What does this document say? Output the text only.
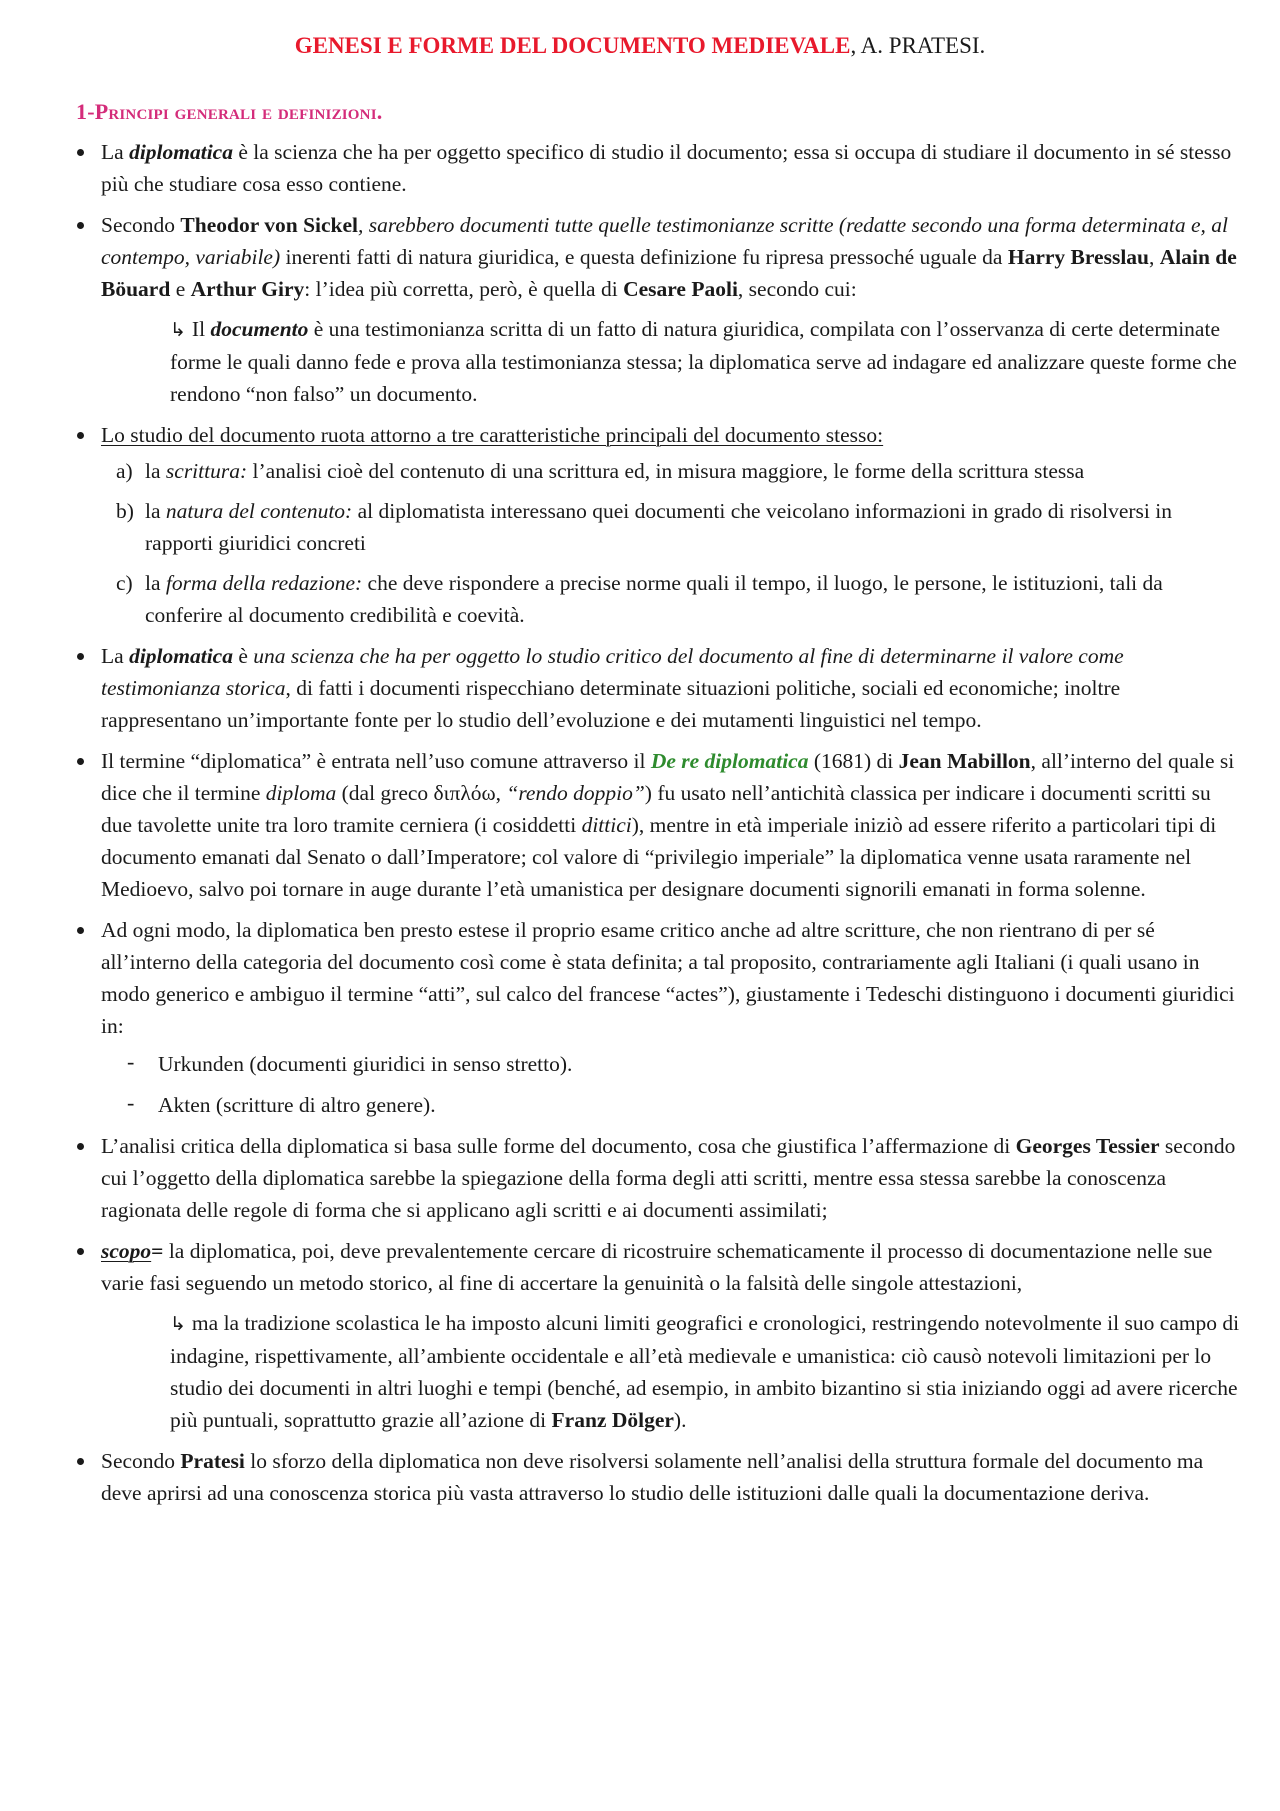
GENESI E FORME DEL DOCUMENTO MEDIEVALE, A. PRATESI.
1-Principi generali e definizioni.
La diplomatica è la scienza che ha per oggetto specifico di studio il documento; essa si occupa di studiare il documento in sé stesso più che studiare cosa esso contiene.
Secondo Theodor von Sickel, sarebbero documenti tutte quelle testimonianze scritte (redatte secondo una forma determinata e, al contempo, variabile) inerenti fatti di natura giuridica, e questa definizione fu ripresa pressoché uguale da Harry Bresslau, Alain de Böuard e Arthur Giry: l’idea più corretta, però, è quella di Cesare Paoli, secondo cui:
↳ Il documento è una testimonianza scritta di un fatto di natura giuridica, compilata con l’osservanza di certe determinate forme le quali danno fede e prova alla testimonianza stessa; la diplomatica serve ad indagare ed analizzare queste forme che rendono “non falso” un documento.
Lo studio del documento ruota attorno a tre caratteristiche principali del documento stesso:
a) la scrittura: l’analisi cioè del contenuto di una scrittura ed, in misura maggiore, le forme della scrittura stessa
b) la natura del contenuto: al diplomatista interessano quei documenti che veicolano informazioni in grado di risolversi in rapporti giuridici concreti
c) la forma della redazione: che deve rispondere a precise norme quali il tempo, il luogo, le persone, le istituzioni, tali da conferire al documento credibilità e coevità.
La diplomatica è una scienza che ha per oggetto lo studio critico del documento al fine di determinarne il valore come testimonianza storica, di fatti i documenti rispecchiano determinate situazioni politiche, sociali ed economiche; inoltre rappresentano un’importante fonte per lo studio dell’evoluzione e dei mutamenti linguistici nel tempo.
Il termine “diplomatica” è entrata nell’uso comune attraverso il De re diplomatica (1681) di Jean Mabillon, all’interno del quale si dice che il termine diploma (dal greco διπλόω, “rendo doppio”) fu usato nell’antichità classica per indicare i documenti scritti su due tavolette unite tra loro tramite cerniera (i cosiddetti dittici), mentre in età imperiale iniziò ad essere riferito a particolari tipi di documento emanati dal Senato o dall’Imperatore; col valore di “privilegio imperiale” la diplomatica venne usata raramente nel Medioevo, salvo poi tornare in auge durante l’età umanistica per designare documenti signorili emanati in forma solenne.
Ad ogni modo, la diplomatica ben presto estese il proprio esame critico anche ad altre scritture, che non rientrano di per sé all’interno della categoria del documento così come è stata definita; a tal proposito, contrariamente agli Italiani (i quali usano in modo generico e ambiguo il termine “atti”, sul calco del francese “actes”), giustamente i Tedeschi distinguono i documenti giuridici in:
- Urkunden (documenti giuridici in senso stretto).
- Akten (scritture di altro genere).
L’analisi critica della diplomatica si basa sulle forme del documento, cosa che giustifica l’affermazione di Georges Tessier secondo cui l’oggetto della diplomatica sarebbe la spiegazione della forma degli atti scritti, mentre essa stessa sarebbe la conoscenza ragionata delle regole di forma che si applicano agli scritti e ai documenti assimilati;
scopo= la diplomatica, poi, deve prevalentemente cercare di ricostruire schematicamente il processo di documentazione nelle sue varie fasi seguendo un metodo storico, al fine di accertare la genuinità o la falsità delle singole attestazioni,
↳ ma la tradizione scolastica le ha imposto alcuni limiti geografici e cronologici, restringendo notevolmente il suo campo di indagine, rispettivamente, all’ambiente occidentale e all’età medievale e umanistica: ciò causò notevoli limitazioni per lo studio dei documenti in altri luoghi e tempi (benché, ad esempio, in ambito bizantino si stia iniziando oggi ad avere ricerche più puntuali, soprattutto grazie all’azione di Franz Dölger).
Secondo Pratesi lo sforzo della diplomatica non deve risolversi solamente nell’analisi della struttura formale del documento ma deve aprirsi ad una conoscenza storica più vasta attraverso lo studio delle istituzioni dalle quali la documentazione deriva.
